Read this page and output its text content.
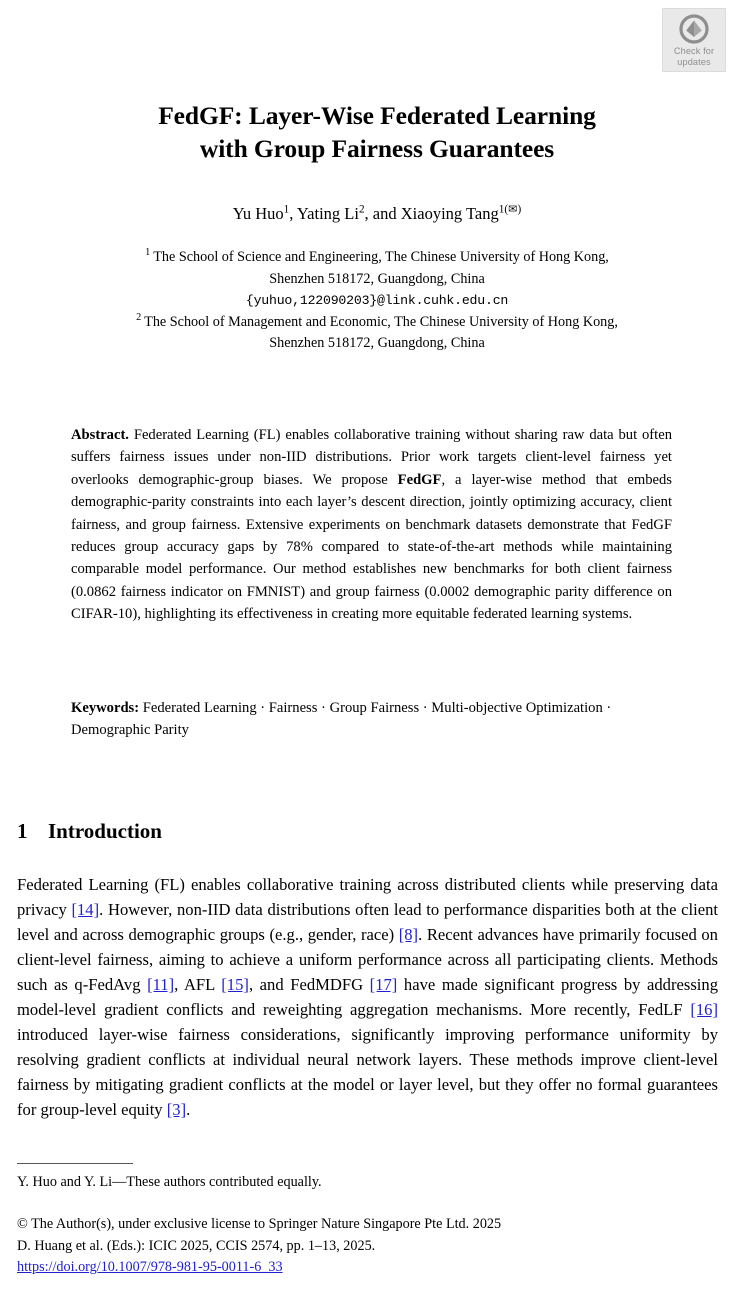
Check for
updates
FedGF: Layer-Wise Federated Learning
with Group Fairness Guarantees
Yu Huo$^1$, Yating Li$^2$, and Xiaoying Tang$^{1(✉)}$
$^1$ The School of Science and Engineering, The Chinese University of Hong Kong,
Shenzhen 518172, Guangdong, China
{yuhuo,122090203}@link.cuhk.edu.cn
$^2$ The School of Management and Economic, The Chinese University of Hong Kong,
Shenzhen 518172, Guangdong, China
Abstract. Federated Learning (FL) enables collaborative training without sharing raw data but often suffers fairness issues under non-IID distributions. Prior work targets client-level fairness yet overlooks demographic-group biases. We propose FedGF, a layer-wise method that embeds demographic-parity constraints into each layer’s descent direction, jointly optimizing accuracy, client fairness, and group fairness. Extensive experiments on benchmark datasets demonstrate that FedGF reduces group accuracy gaps by 78% compared to state-of-the-art methods while maintaining comparable model performance. Our method establishes new benchmarks for both client fairness (0.0862 fairness indicator on FMNIST) and group fairness (0.0002 demographic parity difference on CIFAR-10), highlighting its effectiveness in creating more equitable federated learning systems.
Keywords: Federated Learning · Fairness · Group Fairness · Multi-objective Optimization · Demographic Parity
1 Introduction

Federated Learning (FL) enables collaborative training across distributed clients while preserving data privacy [14]. However, non-IID data distributions often lead to performance disparities both at the client level and across demographic groups (e.g., gender, race) [8]. Recent advances have primarily focused on client-level fairness, aiming to achieve a uniform performance across all participating clients. Methods such as q-FedAvg [11], AFL [15], and FedMDFG [17] have made significant progress by addressing model-level gradient conflicts and reweighting aggregation mechanisms. More recently, FedLF [16] introduced layer-wise fairness considerations, significantly improving performance uniformity by resolving gradient conflicts at individual neural network layers. These methods improve client-level fairness by mitigating gradient conflicts at the model or layer level, but they offer no formal guarantees for group-level equity [3].

Y. Huo and Y. Li—These authors contributed equally.
© The Author(s), under exclusive license to Springer Nature Singapore Pte Ltd. 2025
D. Huang et al. (Eds.): ICIC 2025, CCIS 2574, pp. 1–13, 2025.
https://doi.org/10.1007/978-981-95-0011-6_33
